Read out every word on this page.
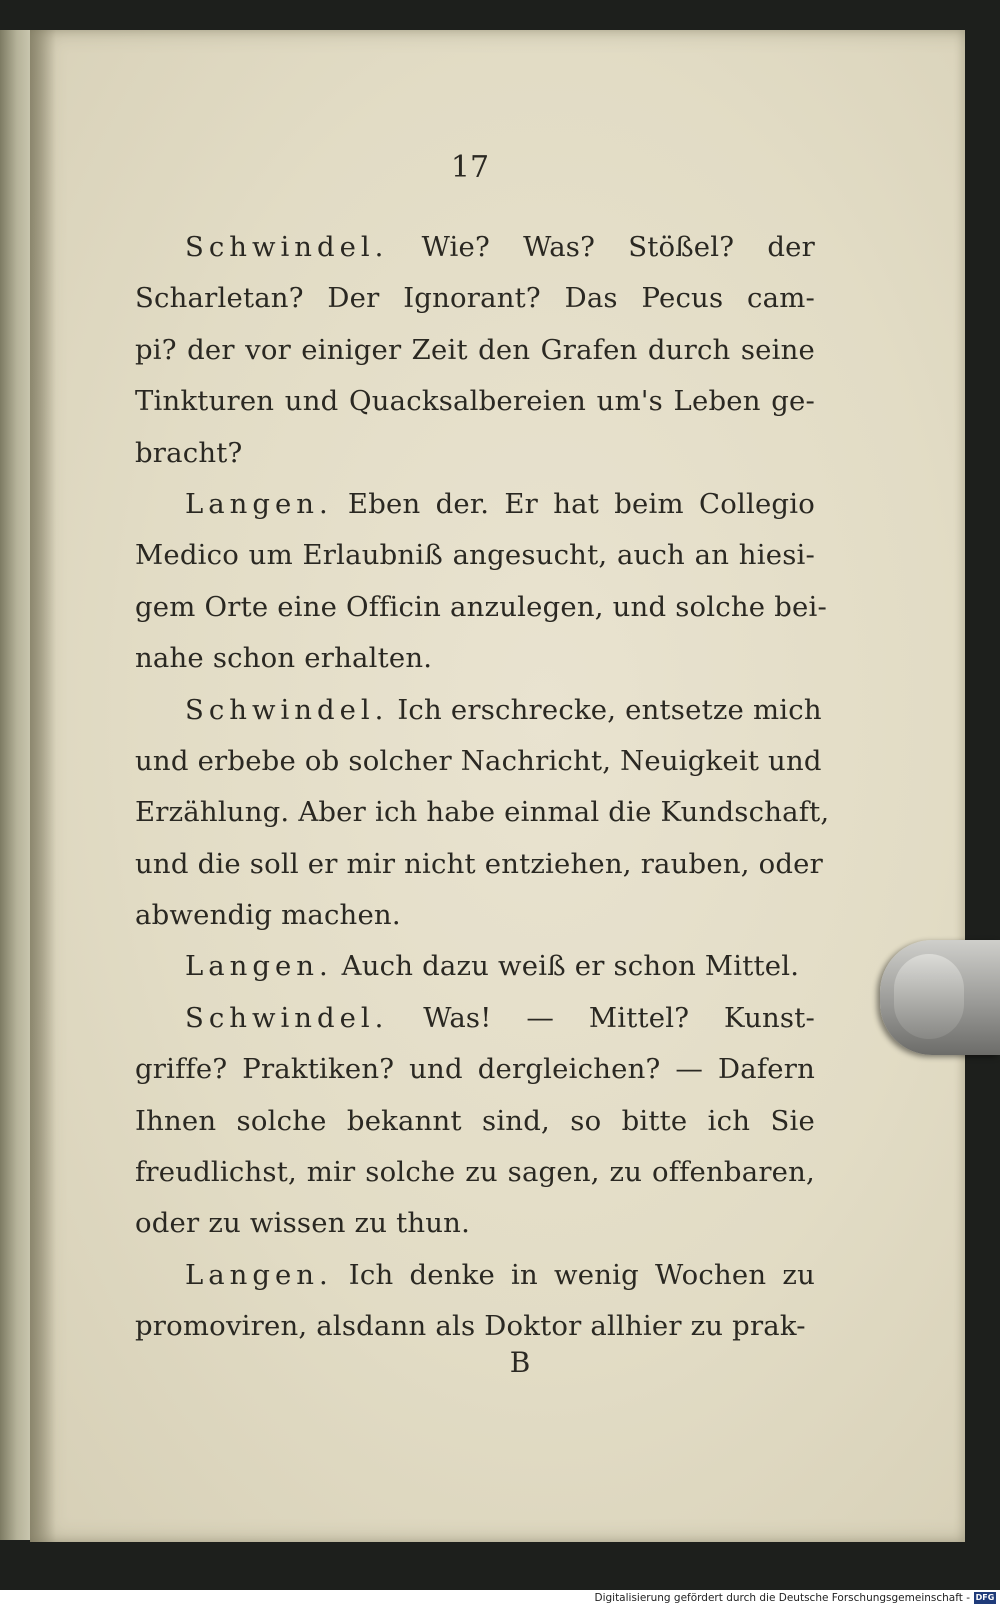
17
Schwindel. Wie? Was? Stößel? der
Scharletan? Der Ignorant? Das Pecus cam-
pi? der vor einiger Zeit den Grafen durch seine
Tinkturen und Quacksalbereien um's Leben ge-
bracht?
Langen. Eben der. Er hat beim Collegio
Medico um Erlaubniß angesucht, auch an hiesi-
gem Orte eine Officin anzulegen, und solche bei-
nahe schon erhalten.
Schwindel. Ich erschrecke, entsetze mich
und erbebe ob solcher Nachricht, Neuigkeit und
Erzählung. Aber ich habe einmal die Kundschaft,
und die soll er mir nicht entziehen, rauben, oder
abwendig machen.
Langen. Auch dazu weiß er schon Mittel.
Schwindel. Was! — Mittel? Kunst-
griffe? Praktiken? und dergleichen? — Dafern
Ihnen solche bekannt sind, so bitte ich Sie
freudlichst, mir solche zu sagen, zu offenbaren,
oder zu wissen zu thun.
Langen. Ich denke in wenig Wochen zu
promoviren, alsdann als Doktor allhier zu prak-
B
Digitalisierung gefördert durch die Deutsche Forschungsgemeinschaft - DFG
